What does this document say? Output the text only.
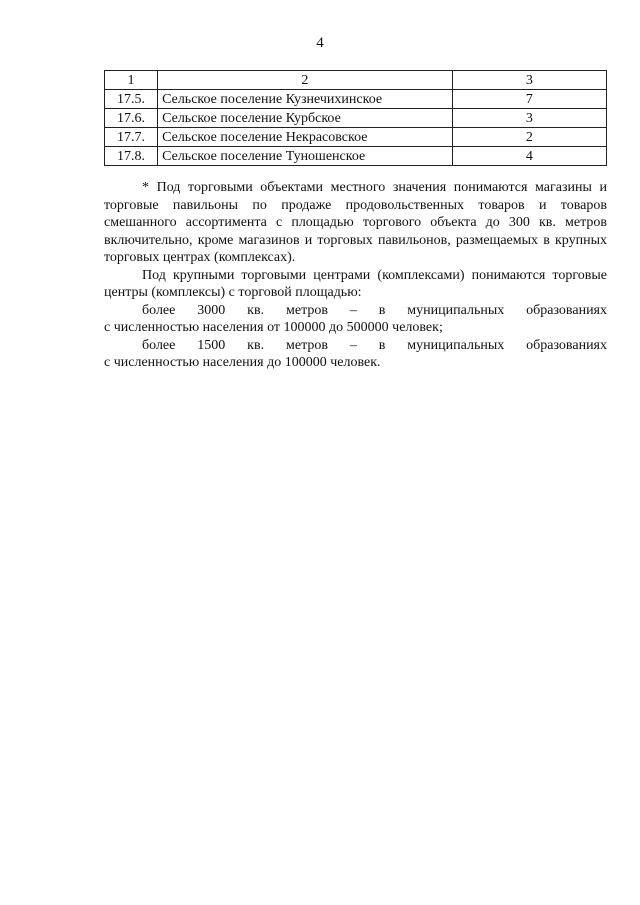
4
1	2	3
17.5.	Сельское поселение Кузнечихинское	7
17.6.	Сельское поселение Курбское	3
17.7.	Сельское поселение Некрасовское	2
17.8.	Сельское поселение Туношенское	4

* Под торговыми объектами местного значения понимаются магазины и торговые павильоны по продаже продовольственных товаров и товаров смешанного ассортимента с площадью торгового объекта до 300 кв. метров включительно, кроме магазинов и торговых павильонов, размещаемых в крупных торговых центрах (комплексах).

Под крупными торговыми центрами (комплексами) понимаются торговые центры (комплексы) с торговой площадью:

более 3000 кв. метров – в муниципальных образованиях

с численностью населения от 100000 до 500000 человек;

более 1500 кв. метров – в муниципальных образованиях

с численностью населения до 100000 человек.
